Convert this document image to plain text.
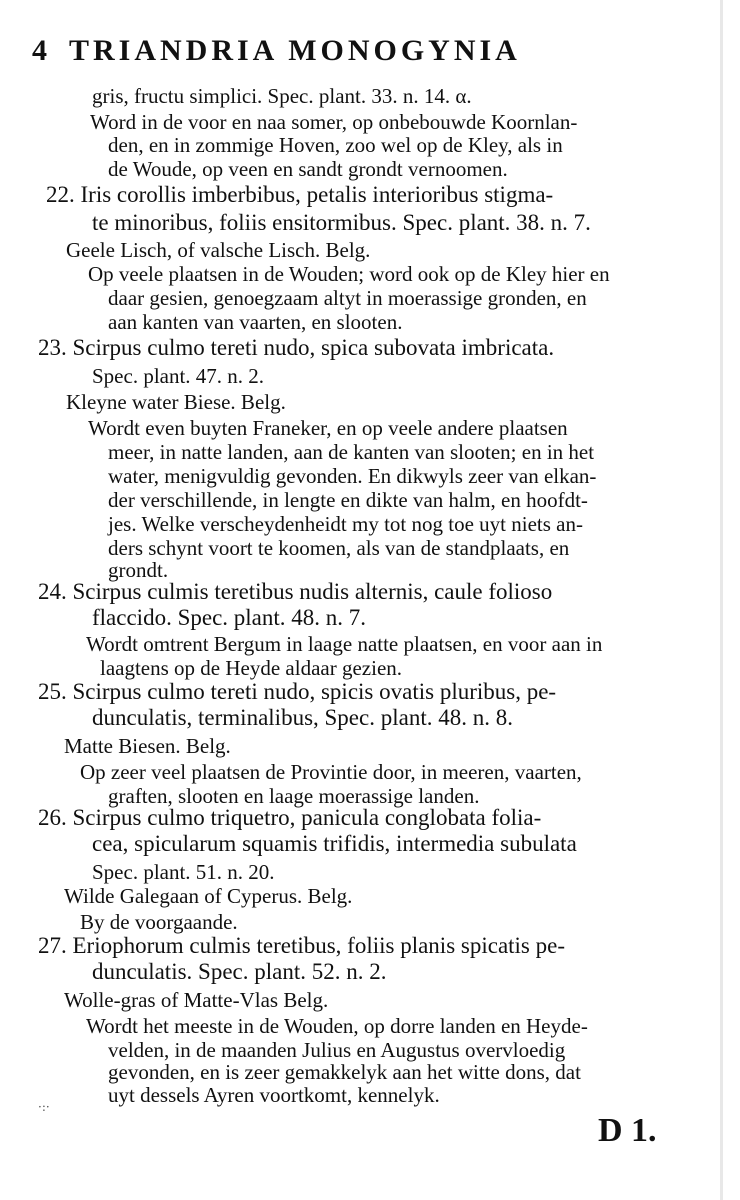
4 TRIANDRIA MONOGYNIA
gris, fructu simplici. Spec. plant. 33. n. 14. α.
Word in de voor en naa somer, op onbebouwde Koornlan-
den, en in zommige Hoven, zoo wel op de Kley, als in
de Woude, op veen en sandt grondt vernoomen.
22. Iris corollis imberbibus, petalis interioribus stigma-
te minoribus, foliis ensitormibus. Spec. plant. 38. n. 7.
Geele Lisch, of valsche Lisch. Belg.
Op veele plaatsen in de Wouden; word ook op de Kley hier en
daar gesien, genoegzaam altyt in moerassige gronden, en
aan kanten van vaarten, en slooten.
23. Scirpus culmo tereti nudo, spica subovata imbricata.
Spec. plant. 47. n. 2.
Kleyne water Biese. Belg.
Wordt even buyten Franeker, en op veele andere plaatsen
meer, in natte landen, aan de kanten van slooten; en in het
water, menigvuldig gevonden. En dikwyls zeer van elkan-
der verschillende, in lengte en dikte van halm, en hoofdt-
jes. Welke verscheydenheidt my tot nog toe uyt niets an-
ders schynt voort te koomen, als van de standplaats, en
grondt.
24. Scirpus culmis teretibus nudis alternis, caule folioso
flaccido. Spec. plant. 48. n. 7.
Wordt omtrent Bergum in laage natte plaatsen, en voor aan in
laagtens op de Heyde aldaar gezien.
25. Scirpus culmo tereti nudo, spicis ovatis pluribus, pe-
dunculatis, terminalibus, Spec. plant. 48. n. 8.
Matte Biesen. Belg.
Op zeer veel plaatsen de Provintie door, in meeren, vaarten,
graften, slooten en laage moerassige landen.
26. Scirpus culmo triquetro, panicula conglobata folia-
cea, spicularum squamis trifidis, intermedia subulata
Spec. plant. 51. n. 20.
Wilde Galegaan of Cyperus. Belg.
By de voorgaande.
27. Eriophorum culmis teretibus, foliis planis spicatis pe-
dunculatis. Spec. plant. 52. n. 2.
Wolle-gras of Matte-Vlas Belg.
Wordt het meeste in de Wouden, op dorre landen en Heyde-
velden, in de maanden Julius en Augustus overvloedig
gevonden, en is zeer gemakkelyk aan het witte dons, dat
uyt dessels Ayren voortkomt, kennelyk.
·:·
D 1.
